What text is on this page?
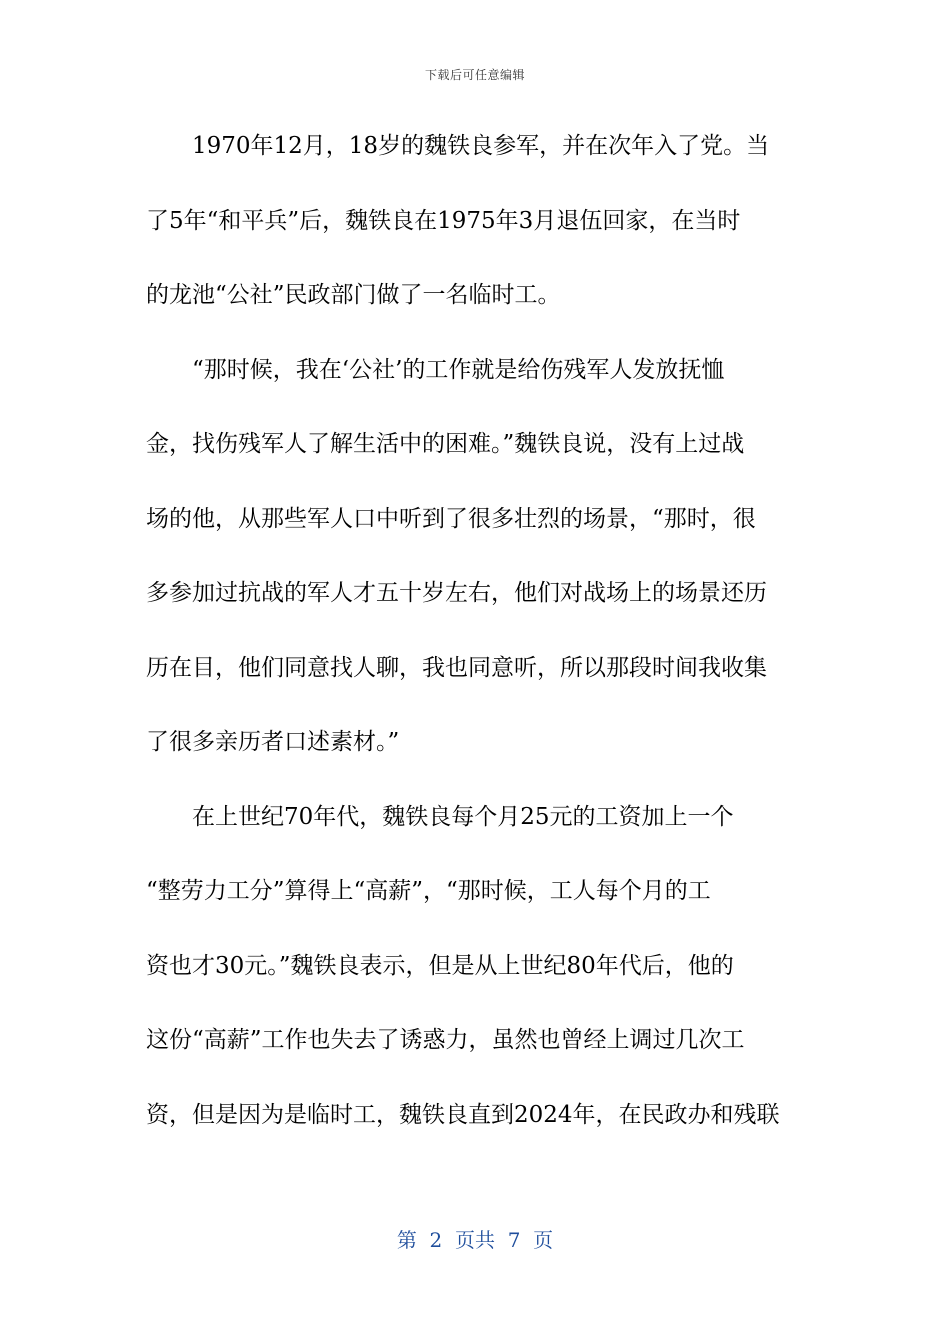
下载后可任意编辑
　　1970年12月，18岁的魏铁良参军，并在次年入了党。当
了5年“和平兵”后，魏铁良在1975年3月退伍回家，在当时
的龙池“公社”民政部门做了一名临时工。
　　“那时候，我在‘公社’的工作就是给伤残军人发放抚恤
金，找伤残军人了解生活中的困难。”魏铁良说，没有上过战
场的他，从那些军人口中听到了很多壮烈的场景，“那时，很
多参加过抗战的军人才五十岁左右，他们对战场上的场景还历
历在目，他们同意找人聊，我也同意听，所以那段时间我收集
了很多亲历者口述素材。”
　　在上世纪70年代，魏铁良每个月25元的工资加上一个
“整劳力工分”算得上“高薪”，“那时候，工人每个月的工
资也才30元。”魏铁良表示，但是从上世纪80年代后，他的
这份“高薪”工作也失去了诱惑力，虽然也曾经上调过几次工
资，但是因为是临时工，魏铁良直到2024年，在民政办和残联
第  2  页共  7  页
